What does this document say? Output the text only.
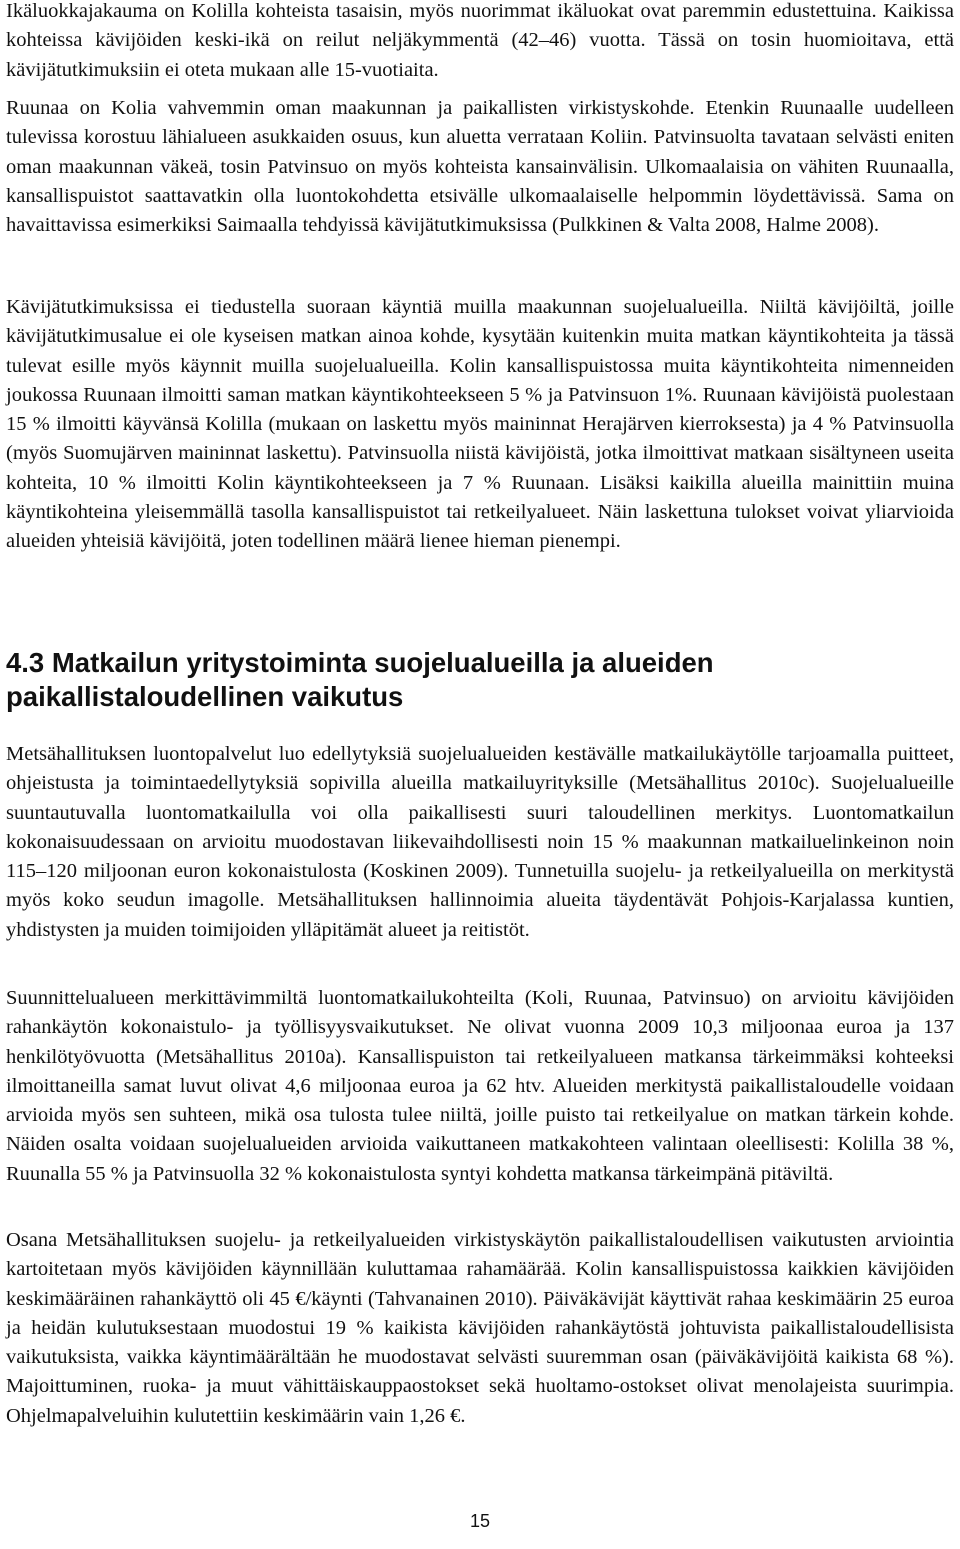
Ikäluokkajakauma on Kolilla kohteista tasaisin, myös nuorimmat ikäluokat ovat paremmin edustettuina. Kaikissa kohteissa kävijöiden keski-ikä on reilut neljäkymmentä (42–46) vuotta. Tässä on tosin huomioitava, että kävijätutkimuksiin ei oteta mukaan alle 15-vuotiaita.

Ruunaa on Kolia vahvemmin oman maakunnan ja paikallisten virkistyskohde. Etenkin Ruunaalle uudelleen tulevissa korostuu lähialueen asukkaiden osuus, kun aluetta verrataan Koliin. Patvinsuolta tavataan selvästi eniten oman maakunnan väkeä, tosin Patvinsuo on myös kohteista kansainvälisin. Ulkomaalaisia on vähiten Ruunaalla, kansallispuistot saattavatkin olla luontokohdetta etsivälle ulkomaalaiselle helpommin löydettävissä. Sama on havaittavissa esimerkiksi Saimaalla tehdyissä kävijätutkimuksissa (Pulkkinen & Valta 2008, Halme 2008).

Kävijätutkimuksissa ei tiedustella suoraan käyntiä muilla maakunnan suojelualueilla. Niiltä kävijöiltä, joille kävijätutkimusalue ei ole kyseisen matkan ainoa kohde, kysytään kuitenkin muita matkan käyntikohteita ja tässä tulevat esille myös käynnit muilla suojelualueilla. Kolin kansallispuistossa muita käyntikohteita nimenneiden joukossa Ruunaan ilmoitti saman matkan käyntikohteekseen 5 % ja Patvinsuon 1%. Ruunaan kävijöistä puolestaan 15 % ilmoitti käyvänsä Kolilla (mukaan on laskettu myös maininnat Herajärven kierroksesta) ja 4 % Patvinsuolla (myös Suomujärven maininnat laskettu). Patvinsuolla niistä kävijöistä, jotka ilmoittivat matkaan sisältyneen useita kohteita, 10 % ilmoitti Kolin käyntikohteekseen ja 7 % Ruunaan. Lisäksi kaikilla alueilla mainittiin muina käyntikohteina yleisemmällä tasolla kansallispuistot tai retkeilyalueet. Näin laskettuna tulokset voivat yliarvioida alueiden yhteisiä kävijöitä, joten todellinen määrä lienee hieman pienempi.

4.3 Matkailun yritystoiminta suojelualueilla ja alueiden paikallistaloudellinen vaikutus

Metsähallituksen luontopalvelut luo edellytyksiä suojelualueiden kestävälle matkailukäytölle tarjoamalla puitteet, ohjeistusta ja toimintaedellytyksiä sopivilla alueilla matkailuyrityksille (Metsähallitus 2010c). Suojelualueille suuntautuvalla luontomatkailulla voi olla paikallisesti suuri taloudellinen merkitys. Luontomatkailun kokonaisuudessaan on arvioitu muodostavan liikevaihdollisesti noin 15 % maakunnan matkailuelinkeinon noin 115–120 miljoonan euron kokonaistulosta (Koskinen 2009). Tunnetuilla suojelu- ja retkeilyalueilla on merkitystä myös koko seudun imagolle. Metsähallituksen hallinnoimia alueita täydentävät Pohjois-Karjalassa kuntien, yhdistysten ja muiden toimijoiden ylläpitämät alueet ja reitistöt.

Suunnittelualueen merkittävimmiltä luontomatkailukohteilta (Koli, Ruunaa, Patvinsuo) on arvioitu kävijöiden rahankäytön kokonaistulo- ja työllisyysvaikutukset. Ne olivat vuonna 2009 10,3 miljoonaa euroa ja 137 henkilötyövuotta (Metsähallitus 2010a). Kansallispuiston tai retkeilyalueen matkansa tärkeimmäksi kohteeksi ilmoittaneilla samat luvut olivat 4,6 miljoonaa euroa ja 62 htv. Alueiden merkitystä paikallistaloudelle voidaan arvioida myös sen suhteen, mikä osa tulosta tulee niiltä, joille puisto tai retkeilyalue on matkan tärkein kohde. Näiden osalta voidaan suojelualueiden arvioida vaikuttaneen matkakohteen valintaan oleellisesti: Kolilla 38 %, Ruunalla 55 % ja Patvinsuolla 32 % kokonaistulosta syntyi kohdetta matkansa tärkeimpänä pitäviltä.

Osana Metsähallituksen suojelu- ja retkeilyalueiden virkistyskäytön paikallistaloudellisen vaikutusten arviointia kartoitetaan myös kävijöiden käynnillään kuluttamaa rahamäärää. Kolin kansallispuistossa kaikkien kävijöiden keskimääräinen rahankäyttö oli 45 €/käynti (Tahvanainen 2010). Päiväkävijät käyttivät rahaa keskimäärin 25 euroa ja heidän kulutuksestaan muodostui 19 % kaikista kävijöiden rahankäytöstä johtuvista paikallistaloudellisista vaikutuksista, vaikka käyntimäärältään he muodostavat selvästi suuremman osan (päiväkävijöitä kaikista 68 %). Majoittuminen, ruoka- ja muut vähittäiskauppaostokset sekä huoltamo-ostokset olivat menolajeista suurimpia. Ohjelmapalveluihin kulutettiin keskimäärin vain 1,26 €.

15
